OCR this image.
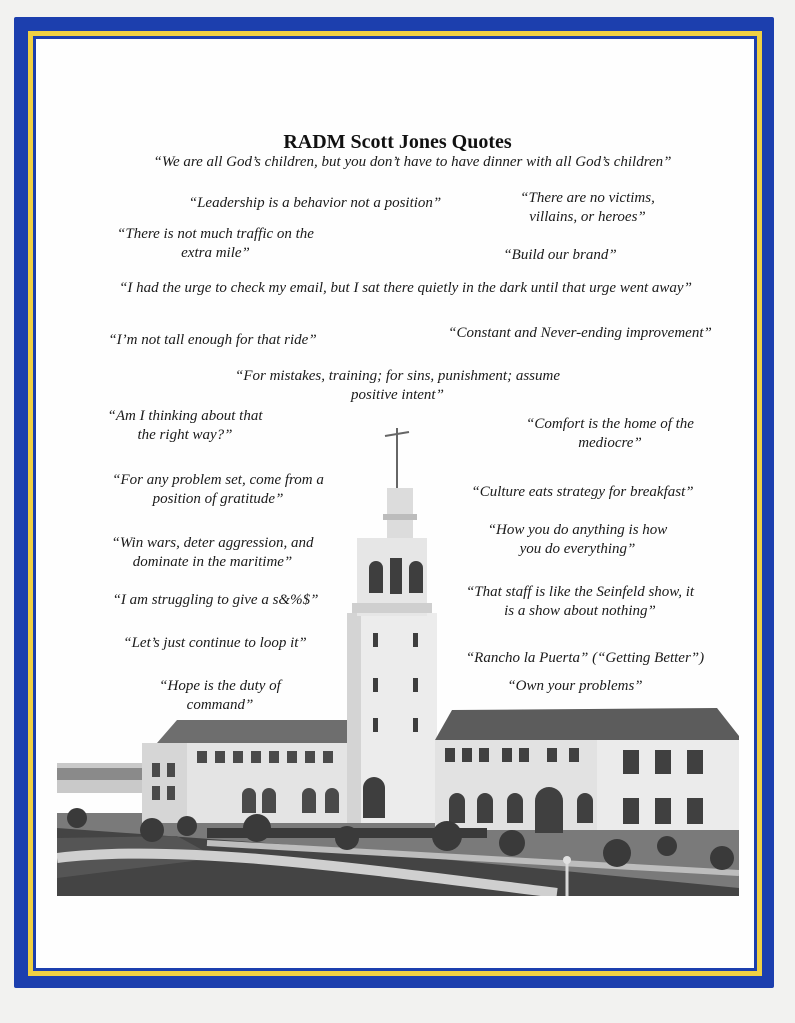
RADM Scott Jones Quotes
“We are all God’s children, but you don’t have to have dinner with all God’s children”
“Leadership is a behavior not a position”	“There are no victims,
villains, or heroes”
“There is not much traffic on the
extra mile”	“Build our brand”
“I had the urge to check my email, but I sat there quietly in the dark until that urge went away”
“I’m not tall enough for that ride”	“Constant and Never-ending improvement”
“For mistakes, training; for sins, punishment; assume
positive intent”
“Am I thinking about that
the right way?”
“Comfort is the home of the
mediocre”
“For any problem set, come from a
position of gratitude”	“Culture eats strategy for breakfast”
“How you do anything is how
you do everything”
“Win wars, deter aggression, and
dominate in the maritime”
“I am struggling to give a s&%$”	“That staff is like the Seinfeld show, it
is a show about nothing”
“Let’s just continue to loop it”
“Rancho la Puerta” (“Getting Better”)
“Hope is the duty of
command”
“Own your problems”
